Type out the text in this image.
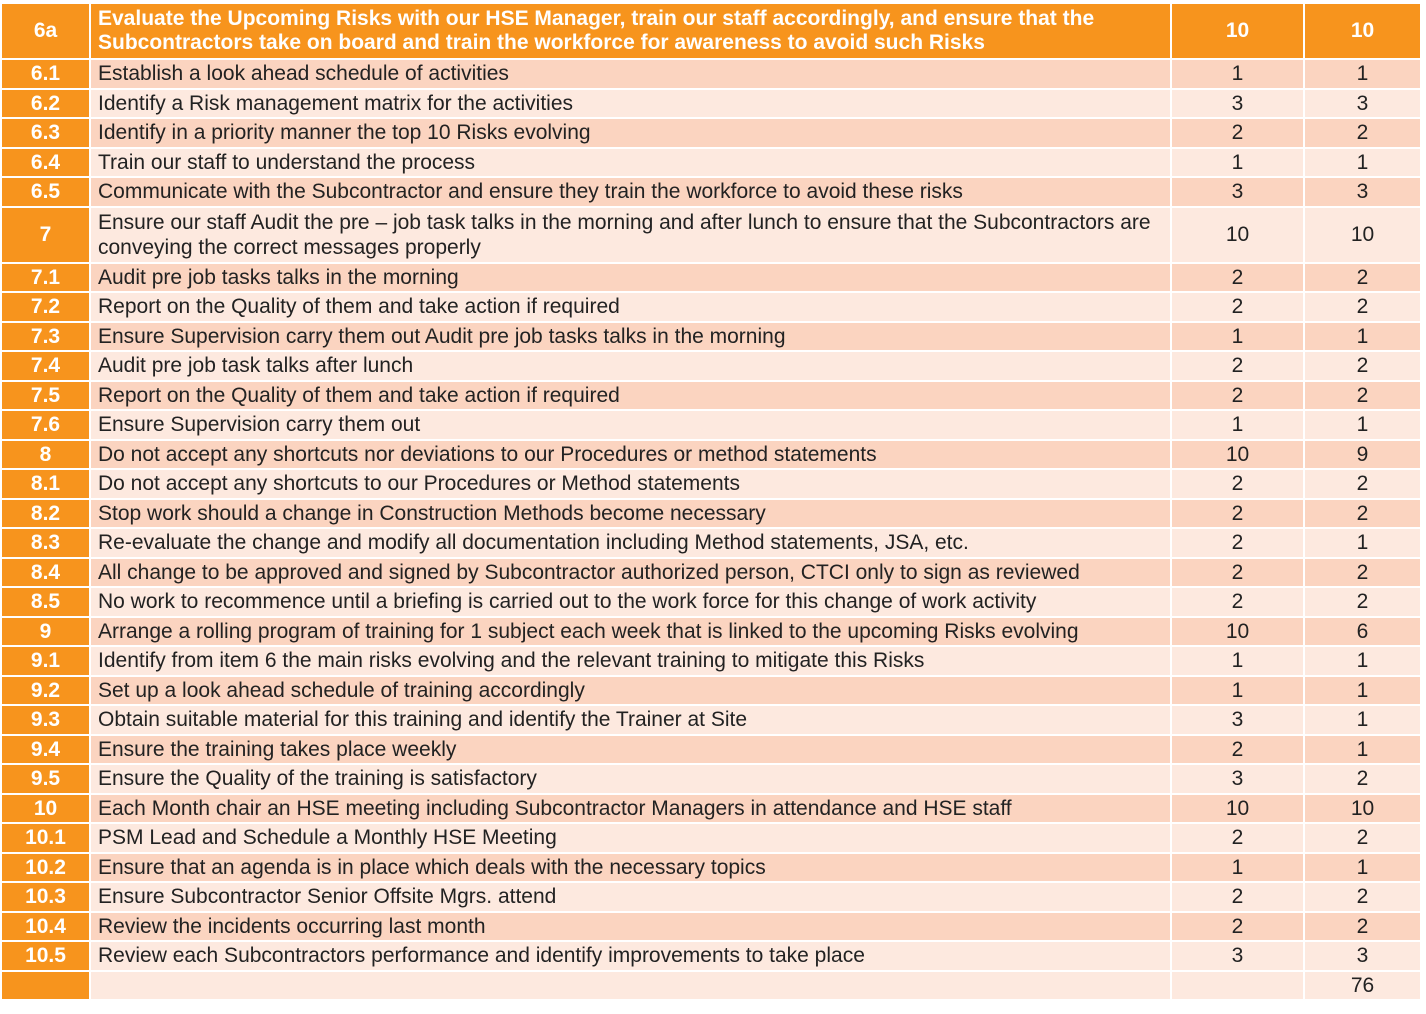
6a	Evaluate the Upcoming Risks with our HSE Manager, train our staff accordingly, and ensure that the Subcontractors take on board and train the workforce for awareness to avoid such Risks	10	10
6.1	Establish a look ahead schedule of activities	1	1
6.2	Identify a Risk management matrix for the activities	3	3
6.3	Identify in a priority manner the top 10 Risks evolving	2	2
6.4	Train our staff to understand the process	1	1
6.5	Communicate with the Subcontractor and ensure they train the workforce to avoid these risks	3	3
7	Ensure our staff Audit the pre – job task talks in the morning and after lunch to ensure that the Subcontractors are conveying the correct messages properly	10	10
7.1	Audit pre job tasks talks in the morning	2	2
7.2	Report on the Quality of them and take action if required	2	2
7.3	Ensure Supervision carry them out Audit pre job tasks talks in the morning	1	1
7.4	Audit pre job task talks after lunch	2	2
7.5	Report on the Quality of them and take action if required	2	2
7.6	Ensure Supervision carry them out	1	1
8	Do not accept any shortcuts nor deviations to our Procedures or method statements	10	9
8.1	Do not accept any shortcuts to our Procedures or Method statements	2	2
8.2	Stop work should a change in Construction Methods become necessary	2	2
8.3	Re-evaluate the change and modify all documentation including Method statements, JSA, etc.	2	1
8.4	All change to be approved and signed by Subcontractor authorized person, CTCI only to sign as reviewed	2	2
8.5	No work to recommence until a briefing is carried out to the work force for this change of work activity	2	2
9	Arrange a rolling program of training for 1 subject each week that is linked to the upcoming Risks evolving	10	6
9.1	Identify from item 6 the main risks evolving and the relevant training to mitigate this Risks	1	1
9.2	Set up a look ahead schedule of training accordingly	1	1
9.3	Obtain suitable material for this training and identify the Trainer at Site	3	1
9.4	Ensure the training takes place weekly	2	1
9.5	Ensure the Quality of the training is satisfactory	3	2
10	Each Month chair an HSE meeting including Subcontractor Managers in attendance and HSE staff	10	10
10.1	PSM Lead and Schedule a Monthly HSE Meeting	2	2
10.2	Ensure that an agenda is in place which deals with the necessary topics	1	1
10.3	Ensure Subcontractor Senior Offsite Mgrs. attend	2	2
10.4	Review the incidents occurring last month	2	2
10.5	Review each Subcontractors performance and identify improvements to take place	3	3
			76
